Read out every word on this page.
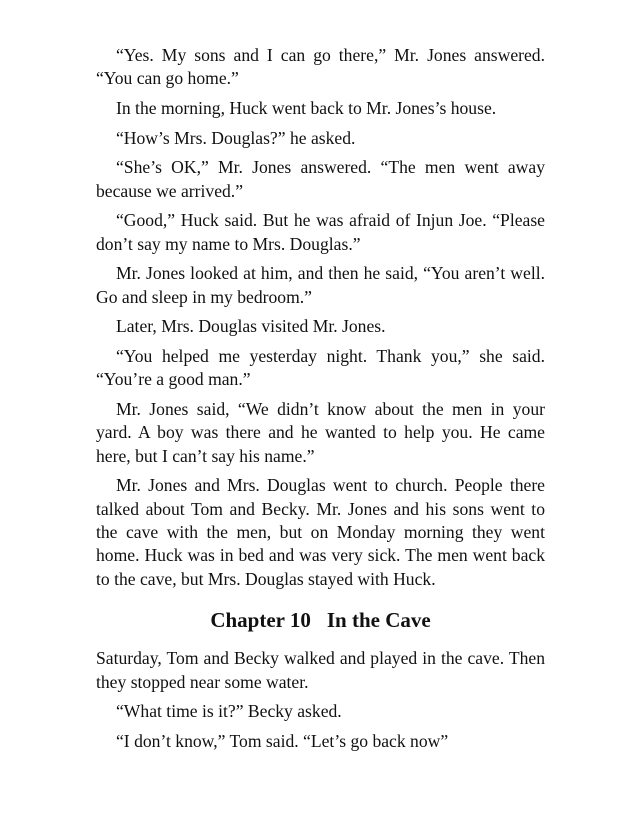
“Yes. My sons and I can go there,” Mr. Jones answered. “You can go home.”

In the morning, Huck went back to Mr. Jones’s house.

“How’s Mrs. Douglas?” he asked.

“She’s OK,” Mr. Jones answered. “The men went away because we arrived.”

“Good,” Huck said. But he was afraid of Injun Joe. “Please don’t say my name to Mrs. Douglas.”

Mr. Jones looked at him, and then he said, “You aren’t well. Go and sleep in my bedroom.”

Later, Mrs. Douglas visited Mr. Jones.

“You helped me yesterday night. Thank you,” she said. “You’re a good man.”

Mr. Jones said, “We didn’t know about the men in your yard. A boy was there and he wanted to help you. He came here, but I can’t say his name.”

Mr. Jones and Mrs. Douglas went to church. People there talked about Tom and Becky. Mr. Jones and his sons went to the cave with the men, but on Monday morning they went home. Huck was in bed and was very sick. The men went back to the cave, but Mrs. Douglas stayed with Huck.

Chapter 10 In the Cave

Saturday, Tom and Becky walked and played in the cave. Then they stopped near some water.

“What time is it?” Becky asked.

“I don’t know,” Tom said. “Let’s go back now”
